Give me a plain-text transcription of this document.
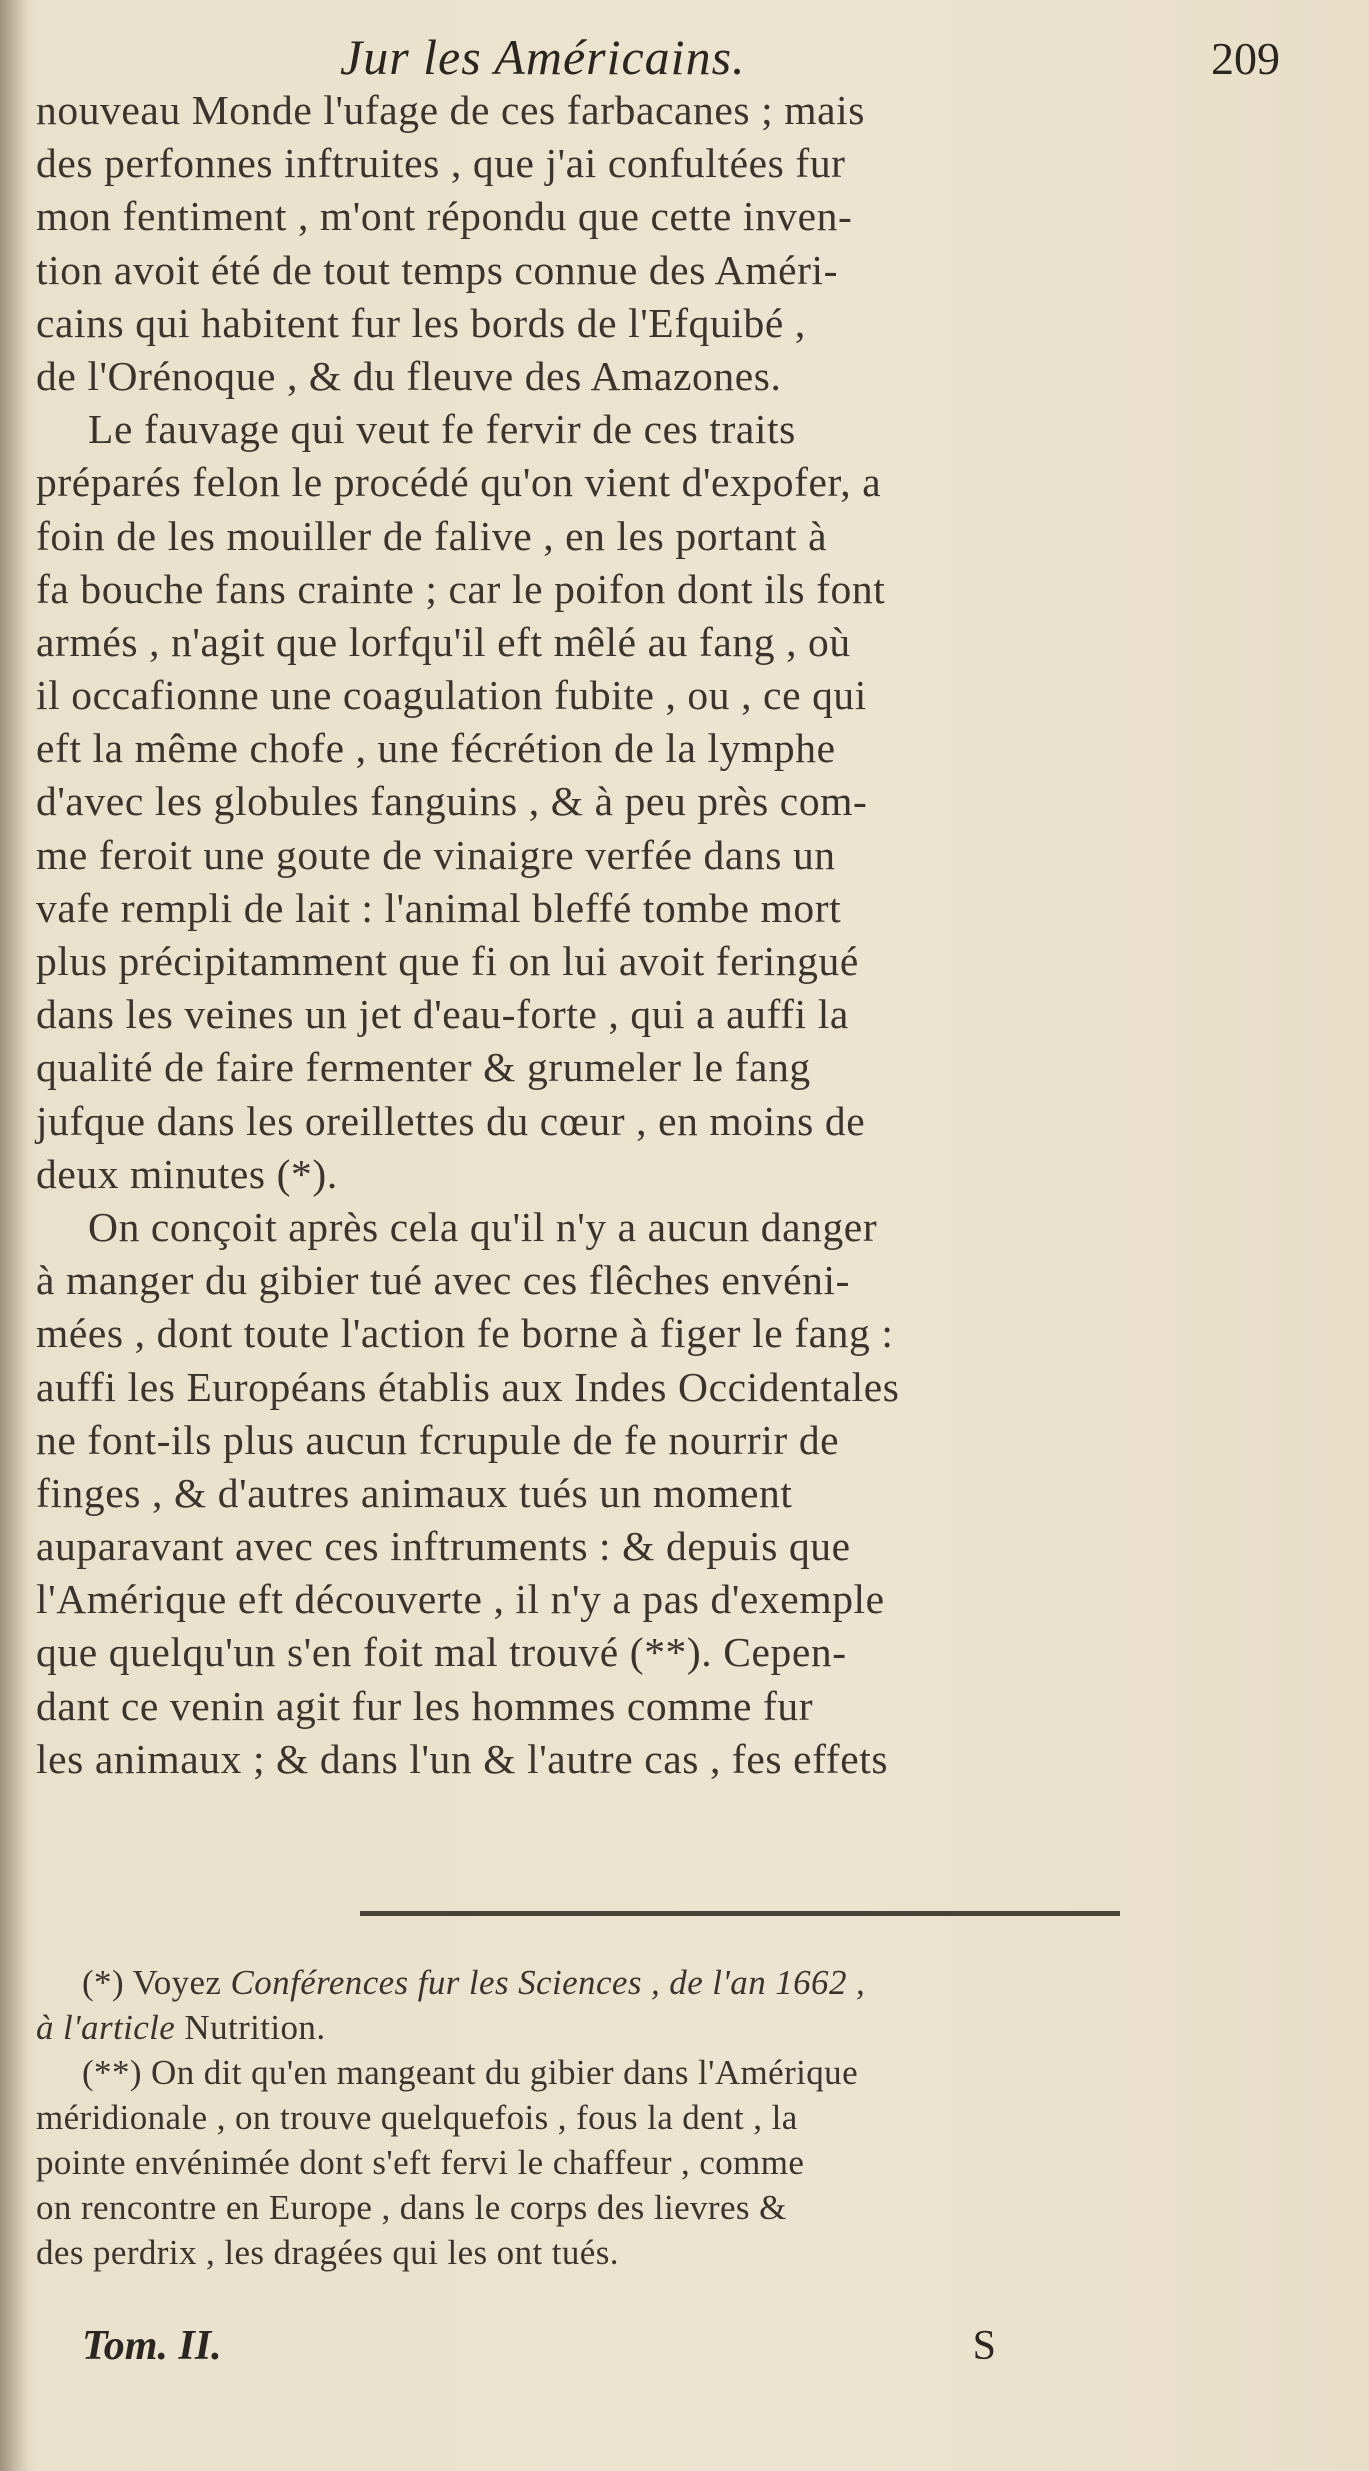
Jur les Américains.	209
nouveau Monde l'ufage de ces farbacanes ; mais
des perfonnes inftruites , que j'ai confultées fur
mon fentiment , m'ont répondu que cette inven-
tion avoit été de tout temps connue des Améri-
cains qui habitent fur les bords de l'Efquibé ,
de l'Orénoque , & du fleuve des Amazones.
Le fauvage qui veut fe fervir de ces traits
préparés felon le procédé qu'on vient d'expofer, a
foin de les mouiller de falive , en les portant à
fa bouche fans crainte ; car le poifon dont ils font
armés , n'agit que lorfqu'il eft mêlé au fang , où
il occafionne une coagulation fubite , ou , ce qui
eft la même chofe , une fécrétion de la lymphe
d'avec les globules fanguins , & à peu près com-
me feroit une goute de vinaigre verfée dans un
vafe rempli de lait : l'animal bleffé tombe mort
plus précipitamment que fi on lui avoit feringué
dans les veines un jet d'eau-forte , qui a auffi la
qualité de faire fermenter & grumeler le fang
jufque dans les oreillettes du cœur , en moins de
deux minutes (*).
On conçoit après cela qu'il n'y a aucun danger
à manger du gibier tué avec ces flêches envéni-
mées , dont toute l'action fe borne à figer le fang :
auffi les Européans établis aux Indes Occidentales
ne font-ils plus aucun fcrupule de fe nourrir de
finges , & d'autres animaux tués un moment
auparavant avec ces inftruments : & depuis que
l'Amérique eft découverte , il n'y a pas d'exemple
que quelqu'un s'en foit mal trouvé (**). Cepen-
dant ce venin agit fur les hommes comme fur
les animaux ; & dans l'un & l'autre cas , fes effets
(*) Voyez Conférences fur les Sciences , de l'an 1662 ,
à l'article Nutrition.
(**) On dit qu'en mangeant du gibier dans l'Amérique
méridionale , on trouve quelquefois , fous la dent , la
pointe envénimée dont s'eft fervi le chaffeur , comme
on rencontre en Europe , dans le corps des lievres &
des perdrix , les dragées qui les ont tués.
Tom. II.	S
